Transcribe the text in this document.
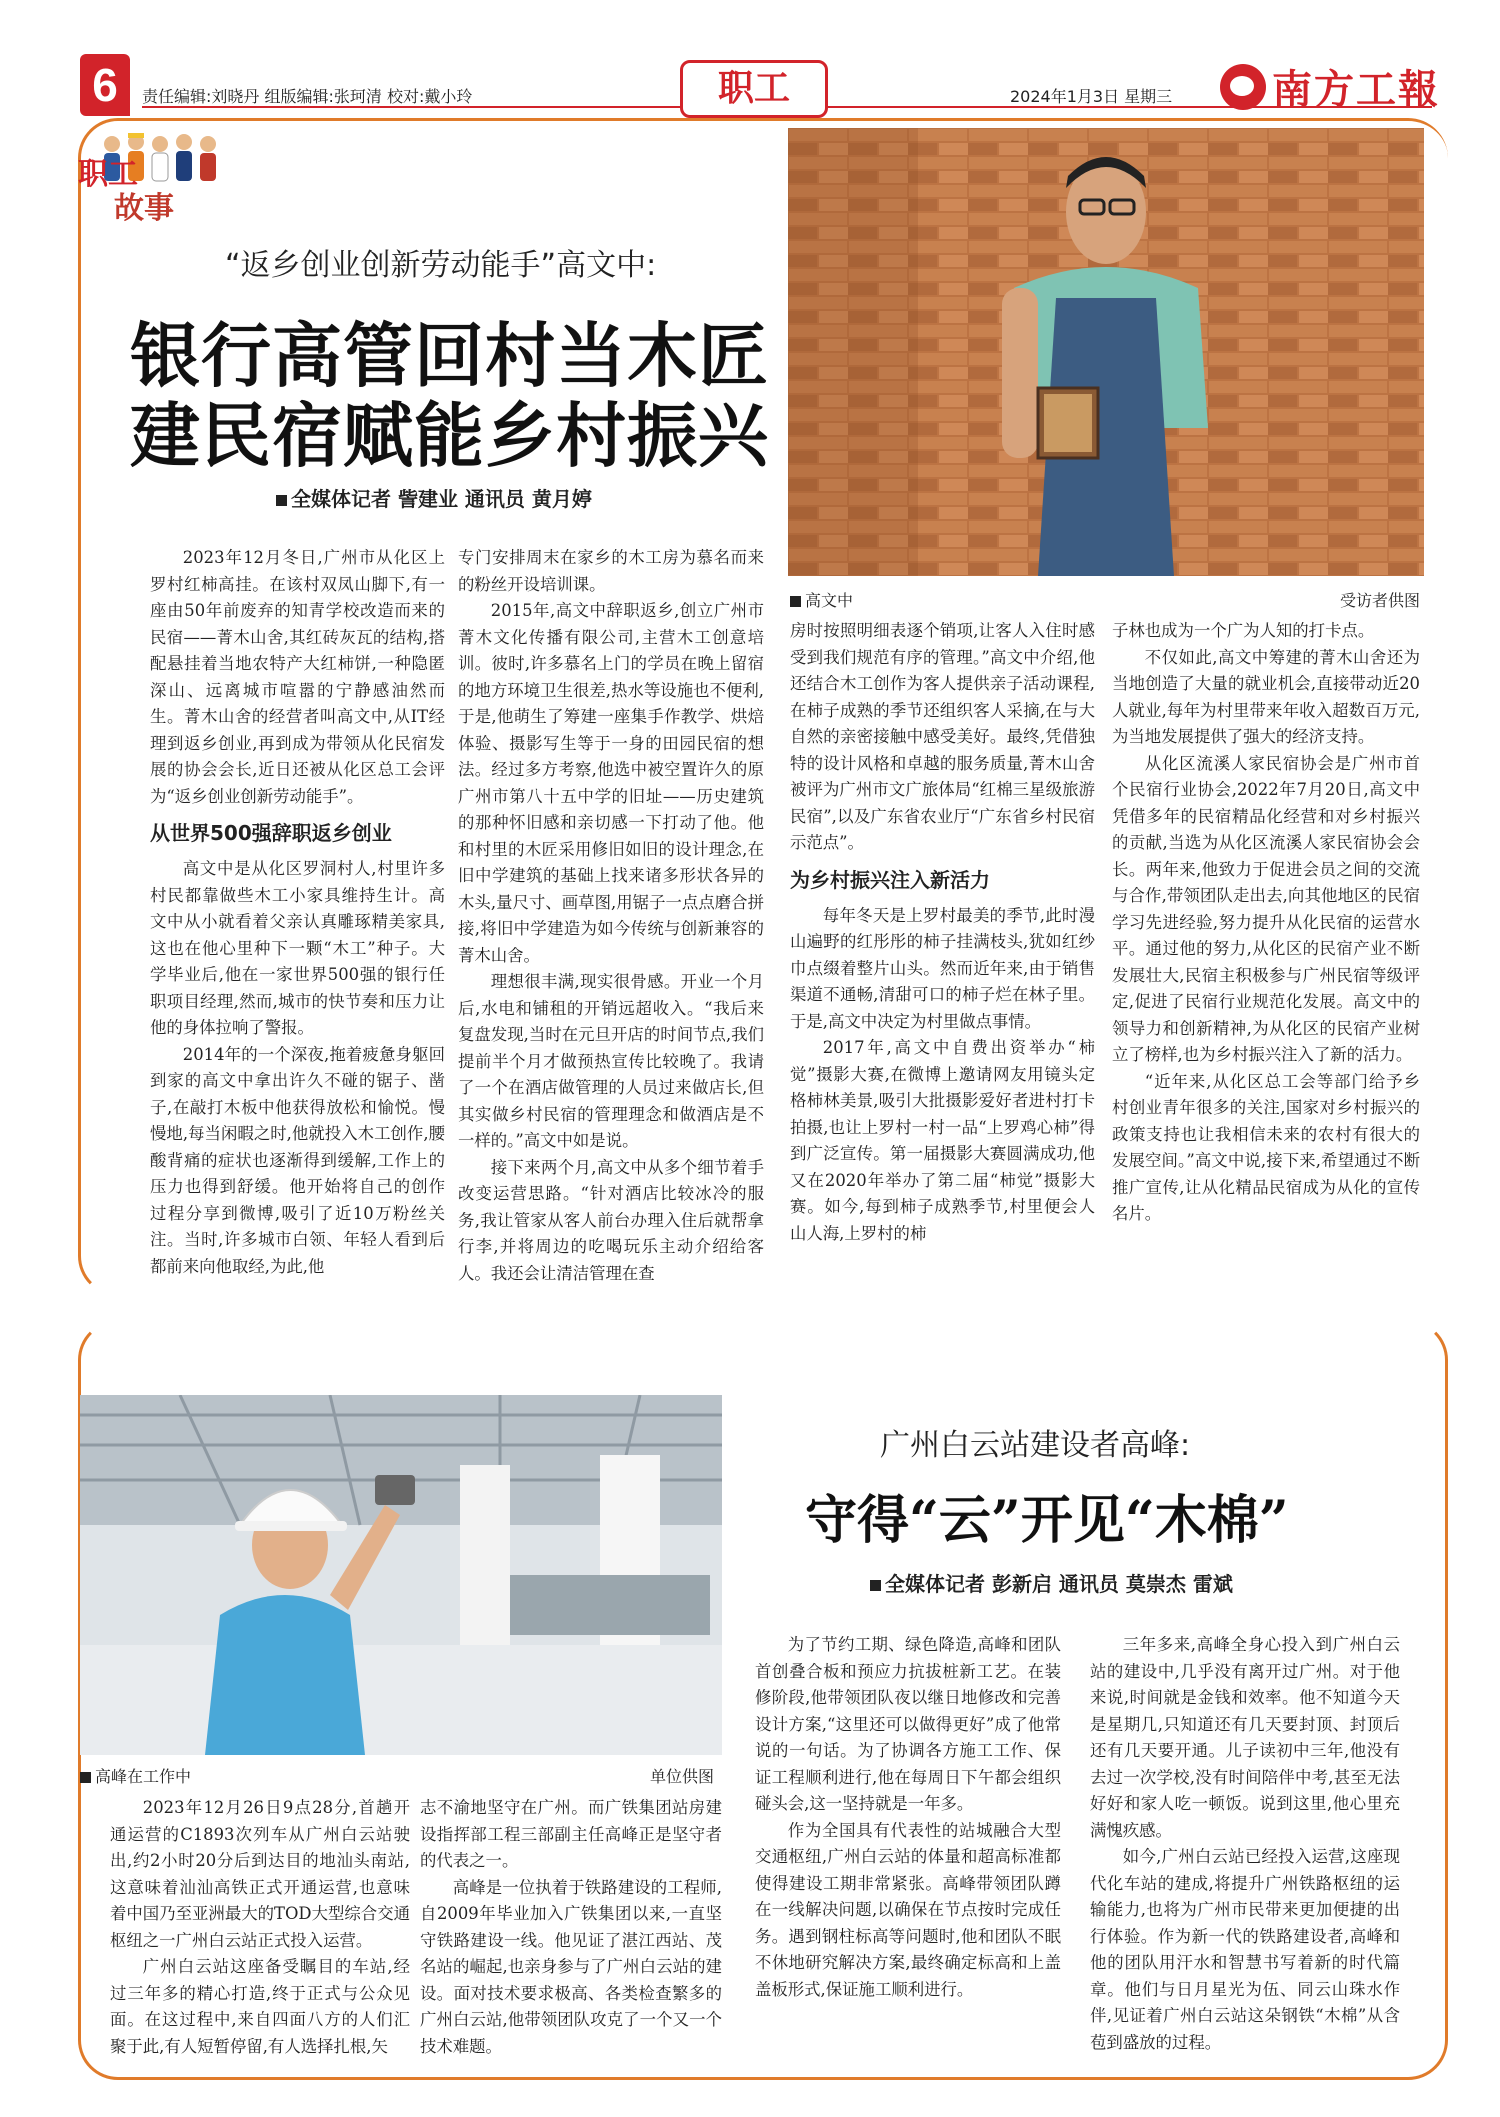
6	责任编辑:刘晓丹 组版编辑:张珂清 校对:戴小玲	职工	2024年1月3日 星期三 南方工報
职工
故事
“返乡创业创新劳动能手”高文中:
银行高管回村当木匠
建民宿赋能乡村振兴
全媒体记者 訾建业 通讯员 黄月婷
高文中	受访者供图

2023年12月冬日,广州市从化区上罗村红柿高挂。在该村双凤山脚下,有一座由50年前废弃的知青学校改造而来的民宿——菁木山舍,其红砖灰瓦的结构,搭配悬挂着当地农特产大红柿饼,一种隐匿深山、远离城市喧嚣的宁静感油然而生。菁木山舍的经营者叫高文中,从IT经理到返乡创业,再到成为带领从化民宿发展的协会会长,近日还被从化区总工会评为“返乡创业创新劳动能手”。

从世界500强辞职返乡创业

高文中是从化区罗洞村人,村里许多村民都靠做些木工小家具维持生计。高文中从小就看着父亲认真雕琢精美家具,这也在他心里种下一颗“木工”种子。大学毕业后,他在一家世界500强的银行任职项目经理,然而,城市的快节奏和压力让他的身体拉响了警报。

2014年的一个深夜,拖着疲惫身躯回到家的高文中拿出许久不碰的锯子、凿子,在敲打木板中他获得放松和愉悦。慢慢地,每当闲暇之时,他就投入木工创作,腰酸背痛的症状也逐渐得到缓解,工作上的压力也得到舒缓。他开始将自己的创作过程分享到微博,吸引了近10万粉丝关注。当时,许多城市白领、年轻人看到后都前来向他取经,为此,他

专门安排周末在家乡的木工房为慕名而来的粉丝开设培训课。

2015年,高文中辞职返乡,创立广州市菁木文化传播有限公司,主营木工创意培训。彼时,许多慕名上门的学员在晚上留宿的地方环境卫生很差,热水等设施也不便利,于是,他萌生了筹建一座集手作教学、烘焙体验、摄影写生等于一身的田园民宿的想法。经过多方考察,他选中被空置许久的原广州市第八十五中学的旧址——历史建筑的那种怀旧感和亲切感一下打动了他。他和村里的木匠采用修旧如旧的设计理念,在旧中学建筑的基础上找来诸多形状各异的木头,量尺寸、画草图,用锯子一点点磨合拼接,将旧中学建造为如今传统与创新兼容的菁木山舍。

理想很丰满,现实很骨感。开业一个月后,水电和铺租的开销远超收入。“我后来复盘发现,当时在元旦开店的时间节点,我们提前半个月才做预热宣传比较晚了。我请了一个在酒店做管理的人员过来做店长,但其实做乡村民宿的管理理念和做酒店是不一样的。”高文中如是说。

接下来两个月,高文中从多个细节着手改变运营思路。“针对酒店比较冰冷的服务,我让管家从客人前台办理入住后就帮拿行李,并将周边的吃喝玩乐主动介绍给客人。我还会让清洁管理在查

房时按照明细表逐个销项,让客人入住时感受到我们规范有序的管理。”高文中介绍,他还结合木工创作为客人提供亲子活动课程,在柿子成熟的季节还组织客人采摘,在与大自然的亲密接触中感受美好。最终,凭借独特的设计风格和卓越的服务质量,菁木山舍被评为广州市文广旅体局“红棉三星级旅游民宿”,以及广东省农业厅“广东省乡村民宿示范点”。

为乡村振兴注入新活力

每年冬天是上罗村最美的季节,此时漫山遍野的红彤彤的柿子挂满枝头,犹如红纱巾点缀着整片山头。然而近年来,由于销售渠道不通畅,清甜可口的柿子烂在林子里。于是,高文中决定为村里做点事情。

2017年,高文中自费出资举办“柿觉”摄影大赛,在微博上邀请网友用镜头定格柿林美景,吸引大批摄影爱好者进村打卡拍摄,也让上罗村一村一品“上罗鸡心柿”得到广泛宣传。第一届摄影大赛圆满成功,他又在2020年举办了第二届“柿觉”摄影大赛。如今,每到柿子成熟季节,村里便会人山人海,上罗村的柿

子林也成为一个广为人知的打卡点。

不仅如此,高文中筹建的菁木山舍还为当地创造了大量的就业机会,直接带动近20人就业,每年为村里带来年收入超数百万元,为当地发展提供了强大的经济支持。

从化区流溪人家民宿协会是广州市首个民宿行业协会,2022年7月20日,高文中凭借多年的民宿精品化经营和对乡村振兴的贡献,当选为从化区流溪人家民宿协会会长。两年来,他致力于促进会员之间的交流与合作,带领团队走出去,向其他地区的民宿学习先进经验,努力提升从化民宿的运营水平。通过他的努力,从化区的民宿产业不断发展壮大,民宿主积极参与广州民宿等级评定,促进了民宿行业规范化发展。高文中的领导力和创新精神,为从化区的民宿产业树立了榜样,也为乡村振兴注入了新的活力。

“近年来,从化区总工会等部门给予乡村创业青年很多的关注,国家对乡村振兴的政策支持也让我相信未来的农村有很大的发展空间。”高文中说,接下来,希望通过不断推广宣传,让从化精品民宿成为从化的宣传名片。

高峰在工作中	单位供图
广州白云站建设者高峰:
守得“云”开见“木棉”
全媒体记者 彭新启 通讯员 莫崇杰 雷斌

2023年12月26日9点28分,首趟开通运营的C1893次列车从广州白云站驶出,约2小时20分后到达目的地汕头南站,这意味着汕汕高铁正式开通运营,也意味着中国乃至亚洲最大的TOD大型综合交通枢纽之一广州白云站正式投入运营。

广州白云站这座备受瞩目的车站,经过三年多的精心打造,终于正式与公众见面。在这过程中,来自四面八方的人们汇聚于此,有人短暂停留,有人选择扎根,矢

志不渝地坚守在广州。而广铁集团站房建设指挥部工程三部副主任高峰正是坚守者的代表之一。

高峰是一位执着于铁路建设的工程师,自2009年毕业加入广铁集团以来,一直坚守铁路建设一线。他见证了湛江西站、茂名站的崛起,也亲身参与了广州白云站的建设。面对技术要求极高、各类检查繁多的广州白云站,他带领团队攻克了一个又一个技术难题。

为了节约工期、绿色降造,高峰和团队首创叠合板和预应力抗拔桩新工艺。在装修阶段,他带领团队夜以继日地修改和完善设计方案,“这里还可以做得更好”成了他常说的一句话。为了协调各方施工工作、保证工程顺利进行,他在每周日下午都会组织碰头会,这一坚持就是一年多。

作为全国具有代表性的站城融合大型交通枢纽,广州白云站的体量和超高标准都使得建设工期非常紧张。高峰带领团队蹲在一线解决问题,以确保在节点按时完成任务。遇到钢柱标高等问题时,他和团队不眠不休地研究解决方案,最终确定标高和上盖盖板形式,保证施工顺利进行。

三年多来,高峰全身心投入到广州白云站的建设中,几乎没有离开过广州。对于他来说,时间就是金钱和效率。他不知道今天是星期几,只知道还有几天要封顶、封顶后还有几天要开通。儿子读初中三年,他没有去过一次学校,没有时间陪伴中考,甚至无法好好和家人吃一顿饭。说到这里,他心里充满愧疚感。

如今,广州白云站已经投入运营,这座现代化车站的建成,将提升广州铁路枢纽的运输能力,也将为广州市民带来更加便捷的出行体验。作为新一代的铁路建设者,高峰和他的团队用汗水和智慧书写着新的时代篇章。他们与日月星光为伍、同云山珠水作伴,见证着广州白云站这朵钢铁“木棉”从含苞到盛放的过程。
